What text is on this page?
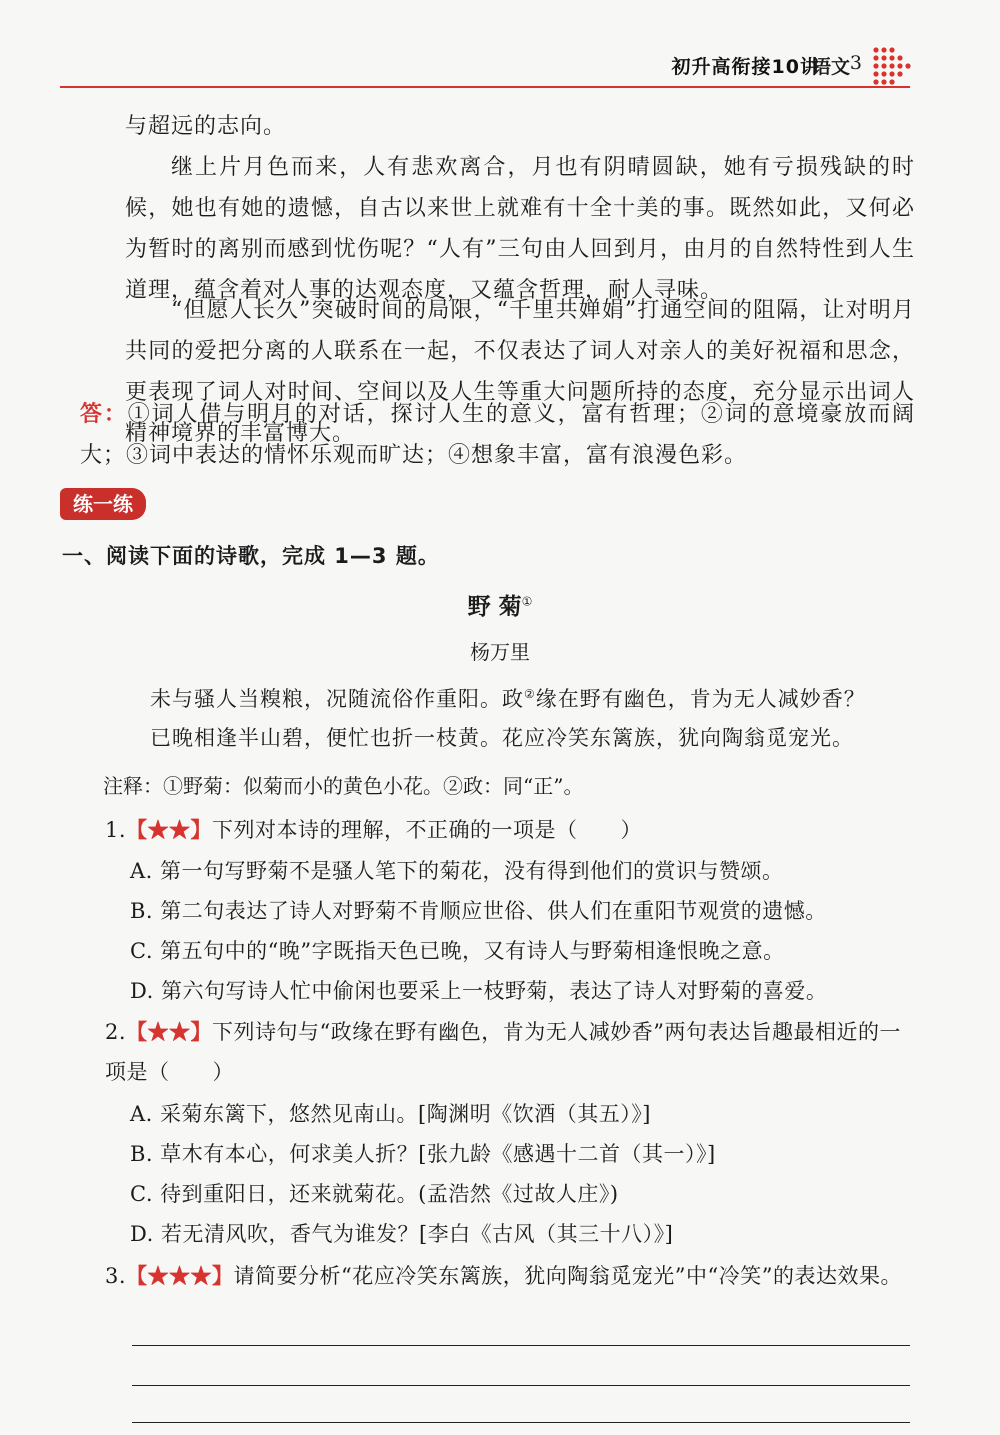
初升高衔接10讲
语文 3
与超远的志向。
继上片月色而来，人有悲欢离合，月也有阴晴圆缺，她有亏损残缺的时候，她也有她的遗憾，自古以来世上就难有十全十美的事。既然如此，又何必为暂时的离别而感到忧伤呢？“人有”三句由人回到月，由月的自然特性到人生道理，蕴含着对人事的达观态度，又蕴含哲理，耐人寻味。
“但愿人长久”突破时间的局限，“千里共婵娟”打通空间的阻隔，让对明月共同的爱把分离的人联系在一起，不仅表达了词人对亲人的美好祝福和思念，更表现了词人对时间、空间以及人生等重大问题所持的态度，充分显示出词人精神境界的丰富博大。
答：①词人借与明月的对话，探讨人生的意义，富有哲理；②词的意境豪放而阔大；③词中表达的情怀乐观而旷达；④想象丰富，富有浪漫色彩。
练一练
一、阅读下面的诗歌，完成 1—3 题。
野 菊①
杨万里
未与骚人当糗粮，况随流俗作重阳。政②缘在野有幽色，肯为无人减妙香？
已晚相逢半山碧，便忙也折一枝黄。花应冷笑东篱族，犹向陶翁觅宠光。
注释：①野菊：似菊而小的黄色小花。②政：同“正”。
1.【★★】下列对本诗的理解，不正确的一项是（　　）
A. 第一句写野菊不是骚人笔下的菊花，没有得到他们的赏识与赞颂。
B. 第二句表达了诗人对野菊不肯顺应世俗、供人们在重阳节观赏的遗憾。
C. 第五句中的“晚”字既指天色已晚，又有诗人与野菊相逢恨晚之意。
D. 第六句写诗人忙中偷闲也要采上一枝野菊，表达了诗人对野菊的喜爱。
2.【★★】下列诗句与“政缘在野有幽色，肯为无人减妙香”两句表达旨趣最相近的一项是（　　）
A. 采菊东篱下，悠然见南山。[陶渊明《饮酒（其五）》]
B. 草木有本心，何求美人折？[张九龄《感遇十二首（其一）》]
C. 待到重阳日，还来就菊花。(孟浩然《过故人庄》)
D. 若无清风吹，香气为谁发？[李白《古风（其三十八）》]
3.【★★★】请简要分析“花应冷笑东篱族，犹向陶翁觅宠光”中“冷笑”的表达效果。
